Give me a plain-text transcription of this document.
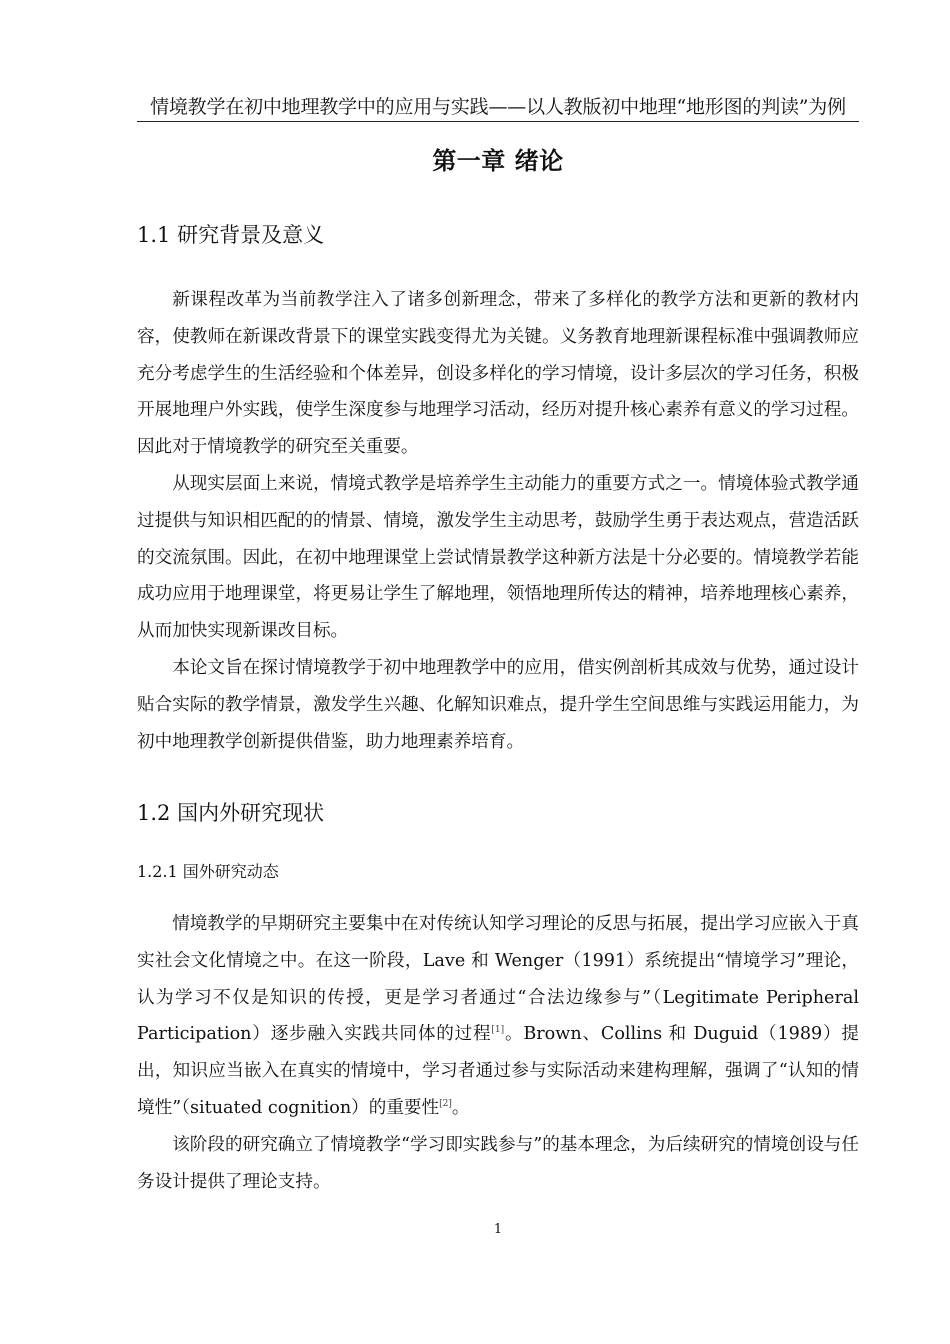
情境教学在初中地理教学中的应用与实践——以人教版初中地理“地形图的判读”为例
第一章 绪论
1.1 研究背景及意义

新课程改革为当前教学注入了诸多创新理念，带来了多样化的教学方法和更新的教材内容，使教师在新课改背景下的课堂实践变得尤为关键。义务教育地理新课程标准中强调教师应充分考虑学生的生活经验和个体差异，创设多样化的学习情境，设计多层次的学习任务，积极开展地理户外实践，使学生深度参与地理学习活动，经历对提升核心素养有意义的学习过程。因此对于情境教学的研究至关重要。

从现实层面上来说，情境式教学是培养学生主动能力的重要方式之一。情境体验式教学通过提供与知识相匹配的的情景、情境，激发学生主动思考，鼓励学生勇于表达观点，营造活跃的交流氛围。因此，在初中地理课堂上尝试情景教学这种新方法是十分必要的。情境教学若能成功应用于地理课堂，将更易让学生了解地理，领悟地理所传达的精神，培养地理核心素养，从而加快实现新课改目标。

本论文旨在探讨情境教学于初中地理教学中的应用，借实例剖析其成效与优势，通过设计贴合实际的教学情景，激发学生兴趣、化解知识难点，提升学生空间思维与实践运用能力，为初中地理教学创新提供借鉴，助力地理素养培育。

1.2 国内外研究现状
1.2.1 国外研究动态

情境教学的早期研究主要集中在对传统认知学习理论的反思与拓展，提出学习应嵌入于真实社会文化情境之中。在这一阶段，Lave 和 Wenger（1991）系统提出“情境学习”理论，认为学习不仅是知识的传授，更是学习者通过“合法边缘参与”（Legitimate Peripheral Participation）逐步融入实践共同体的过程[1]。Brown、Collins 和 Duguid（1989）提出，知识应当嵌入在真实的情境中，学习者通过参与实际活动来建构理解，强调了“认知的情境性”（situated cognition）的重要性[2]。

该阶段的研究确立了情境教学“学习即实践参与”的基本理念，为后续研究的情境创设与任务设计提供了理论支持。

1
